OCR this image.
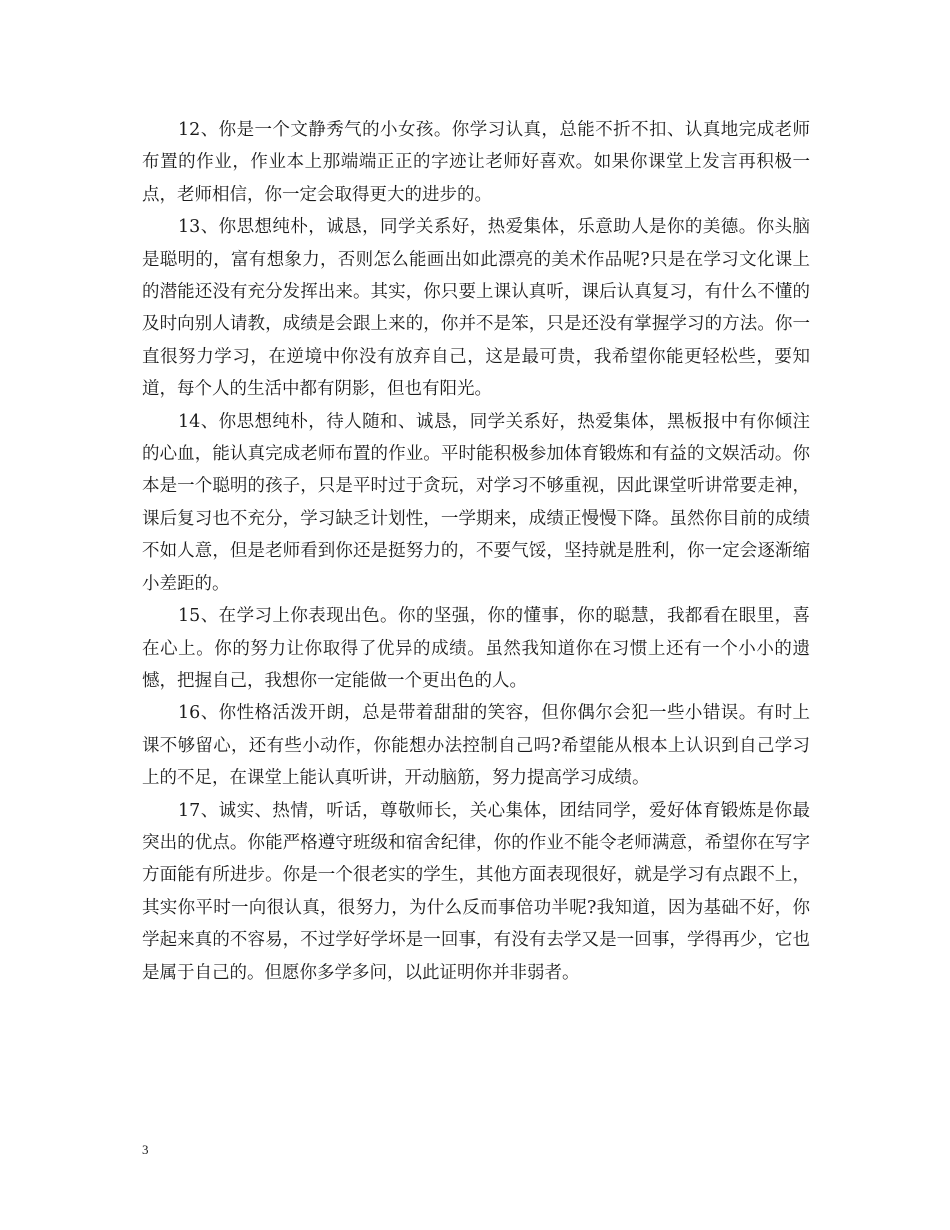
12、你是一个文静秀气的小女孩。你学习认真，总能不折不扣、认真地完成老师布置的作业，作业本上那端端正正的字迹让老师好喜欢。如果你课堂上发言再积极一点，老师相信，你一定会取得更大的进步的。

13、你思想纯朴，诚恳，同学关系好，热爱集体，乐意助人是你的美德。你头脑是聪明的，富有想象力，否则怎么能画出如此漂亮的美术作品呢?只是在学习文化课上的潜能还没有充分发挥出来。其实，你只要上课认真听，课后认真复习，有什么不懂的及时向别人请教，成绩是会跟上来的，你并不是笨，只是还没有掌握学习的方法。你一直很努力学习，在逆境中你没有放弃自己，这是最可贵，我希望你能更轻松些，要知道，每个人的生活中都有阴影，但也有阳光。

14、你思想纯朴，待人随和、诚恳，同学关系好，热爱集体，黑板报中有你倾注的心血，能认真完成老师布置的作业。平时能积极参加体育锻炼和有益的文娱活动。你本是一个聪明的孩子，只是平时过于贪玩，对学习不够重视，因此课堂听讲常要走神，课后复习也不充分，学习缺乏计划性，一学期来，成绩正慢慢下降。虽然你目前的成绩不如人意，但是老师看到你还是挺努力的，不要气馁，坚持就是胜利，你一定会逐渐缩小差距的。

15、在学习上你表现出色。你的坚强，你的懂事，你的聪慧，我都看在眼里，喜在心上。你的努力让你取得了优异的成绩。虽然我知道你在习惯上还有一个小小的遗憾，把握自己，我想你一定能做一个更出色的人。

16、你性格活泼开朗，总是带着甜甜的笑容，但你偶尔会犯一些小错误。有时上课不够留心，还有些小动作，你能想办法控制自己吗?希望能从根本上认识到自己学习上的不足，在课堂上能认真听讲，开动脑筋，努力提高学习成绩。

17、诚实、热情，听话，尊敬师长，关心集体，团结同学，爱好体育锻炼是你最突出的优点。你能严格遵守班级和宿舍纪律，你的作业不能令老师满意，希望你在写字方面能有所进步。你是一个很老实的学生，其他方面表现很好，就是学习有点跟不上，其实你平时一向很认真，很努力，为什么反而事倍功半呢?我知道，因为基础不好，你学起来真的不容易，不过学好学坏是一回事，有没有去学又是一回事，学得再少，它也是属于自己的。但愿你多学多问，以此证明你并非弱者。

3
